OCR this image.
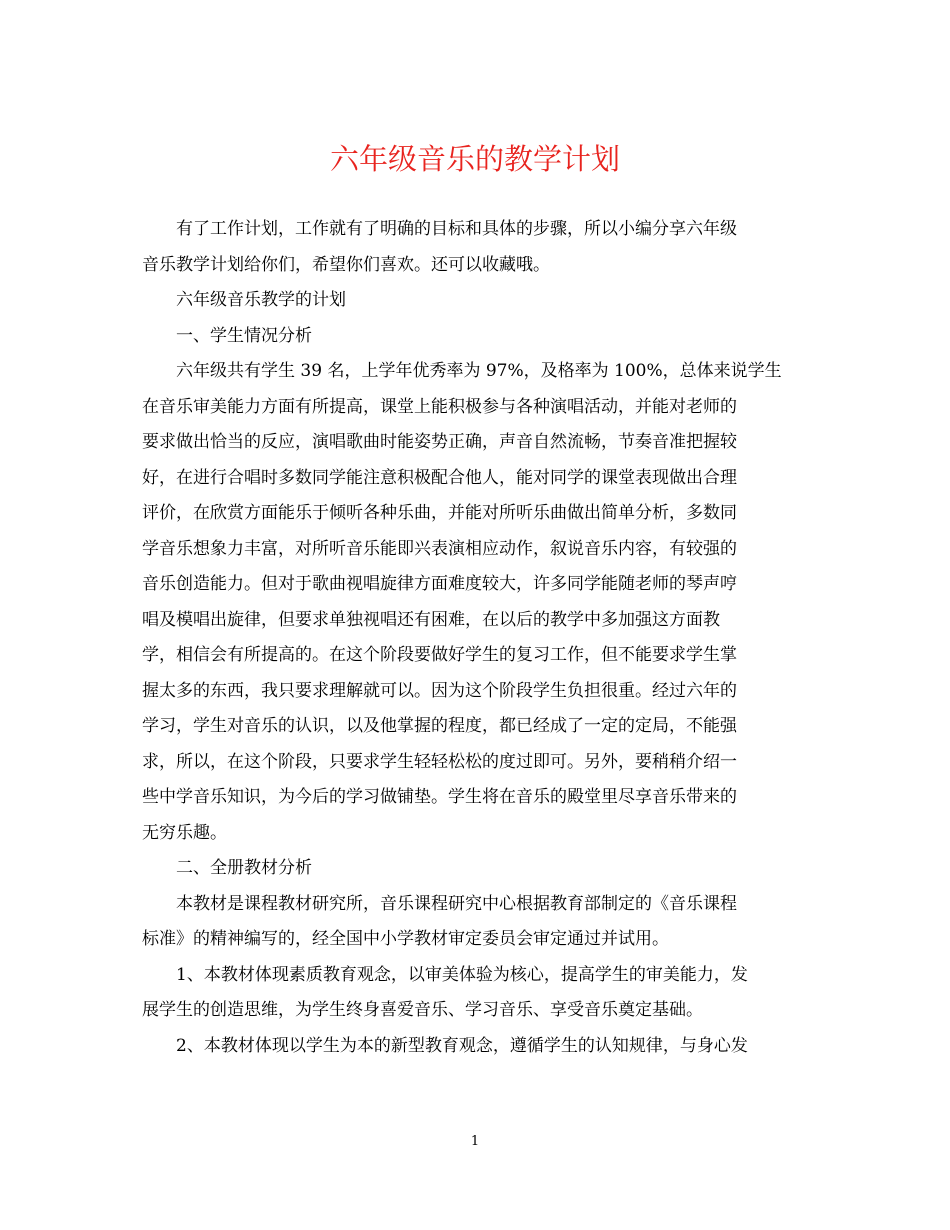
六年级音乐的教学计划

有了工作计划，工作就有了明确的目标和具体的步骤，所以小编分享六年级
音乐教学计划给你们，希望你们喜欢。还可以收藏哦。

六年级音乐教学的计划

一、学生情况分析

六年级共有学生 39 名，上学年优秀率为 97%，及格率为 100%，总体来说学生
在音乐审美能力方面有所提高，课堂上能积极参与各种演唱活动，并能对老师的
要求做出恰当的反应，演唱歌曲时能姿势正确，声音自然流畅，节奏音准把握较
好，在进行合唱时多数同学能注意积极配合他人，能对同学的课堂表现做出合理
评价，在欣赏方面能乐于倾听各种乐曲，并能对所听乐曲做出简单分析，多数同
学音乐想象力丰富，对所听音乐能即兴表演相应动作，叙说音乐内容，有较强的
音乐创造能力。但对于歌曲视唱旋律方面难度较大，许多同学能随老师的琴声哼
唱及模唱出旋律，但要求单独视唱还有困难，在以后的教学中多加强这方面教
学，相信会有所提高的。在这个阶段要做好学生的复习工作，但不能要求学生掌
握太多的东西，我只要求理解就可以。因为这个阶段学生负担很重。经过六年的
学习，学生对音乐的认识，以及他掌握的程度，都已经成了一定的定局，不能强
求，所以，在这个阶段，只要求学生轻轻松松的度过即可。另外，要稍稍介绍一
些中学音乐知识，为今后的学习做铺垫。学生将在音乐的殿堂里尽享音乐带来的
无穷乐趣。

二、全册教材分析

本教材是课程教材研究所，音乐课程研究中心根据教育部制定的《音乐课程
标准》的精神编写的，经全国中小学教材审定委员会审定通过并试用。

1、本教材体现素质教育观念，以审美体验为核心，提高学生的审美能力，发
展学生的创造思维，为学生终身喜爱音乐、学习音乐、享受音乐奠定基础。

2、本教材体现以学生为本的新型教育观念，遵循学生的认知规律，与身心发

1
